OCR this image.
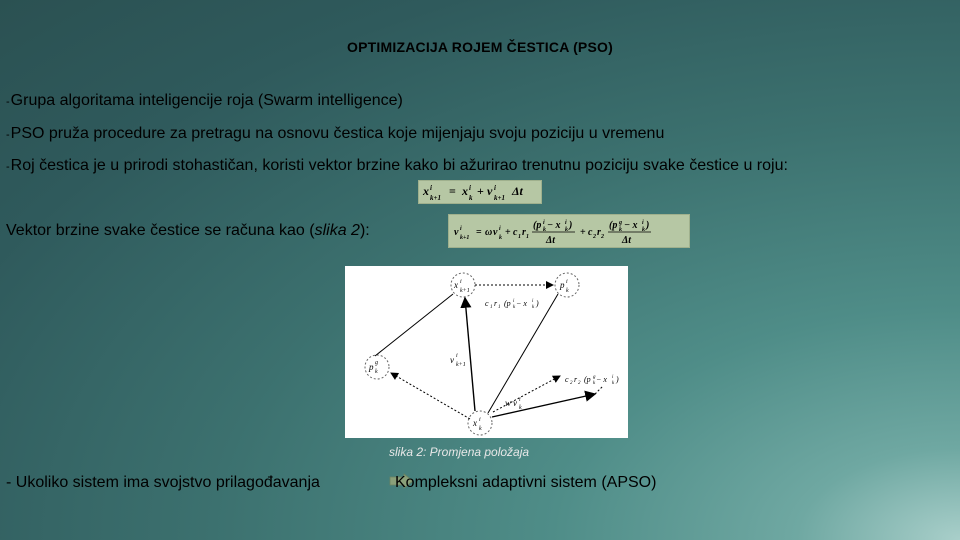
OPTIMIZACIJA ROJEM ČESTICA (PSO)
-Grupa algoritama inteligencije roja (Swarm intelligence)
-PSO pruža procedure za pretragu na osnovu čestica koje mijenjaju svoju poziciju u vremenu
-Roj čestica je u prirodi stohastičan, koristi vektor brzine kako bi ažurirao trenutnu poziciju svake čestice u roju:
x i
k+1 = x i
k + v i
k+1 Δt
Vektor brzine svake čestice se računa kao (slika 2):	v i
k+1 = ω v i
k + c 1 r 1
(p i
k − x i
k )
Δt
+ c 2 r 2
(p g
k − x i
k )
Δt
x i
k+1
p i
k
p g
k
x i
k
c 1 r 1 (p i
k − x i
k )
v i
k+1
c 2 r 2 (p g
k − x i
k )
w v i
k
slika 2: Promjena položaja
- Ukoliko sistem ima svojstvo prilagođavanja	Kompleksni adaptivni sistem (APSO)
